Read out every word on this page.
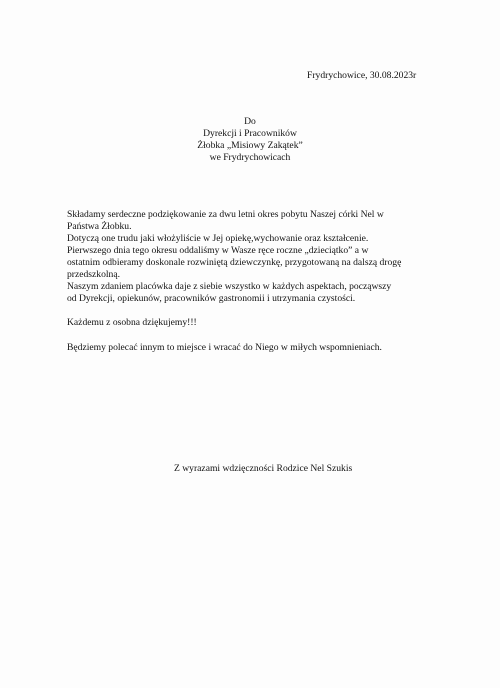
Frydrychowice, 30.08.2023r
Do
Dyrekcji i Pracowników
Żłobka „Misiowy Zakątek”
we Frydrychowicach
Składamy serdeczne podziękowanie za dwu letni okres pobytu Naszej córki Nel w
Państwa Żłobku.
Dotyczą one trudu jaki włożyliście w Jej opiekę,wychowanie oraz kształcenie.
Pierwszego dnia tego okresu oddaliśmy w Wasze ręce roczne „dzieciątko” a w
ostatnim odbieramy doskonale rozwiniętą dziewczynkę, przygotowaną na dalszą drogę
przedszkolną.
Naszym zdaniem placówka daje z siebie wszystko w każdych aspektach, począwszy
od Dyrekcji, opiekunów, pracowników gastronomii i utrzymania czystości.
Każdemu z osobna dziękujemy!!!
Będziemy polecać innym to miejsce i wracać do Niego w miłych wspomnieniach.
Z wyrazami wdzięczności Rodzice Nel Szukis
